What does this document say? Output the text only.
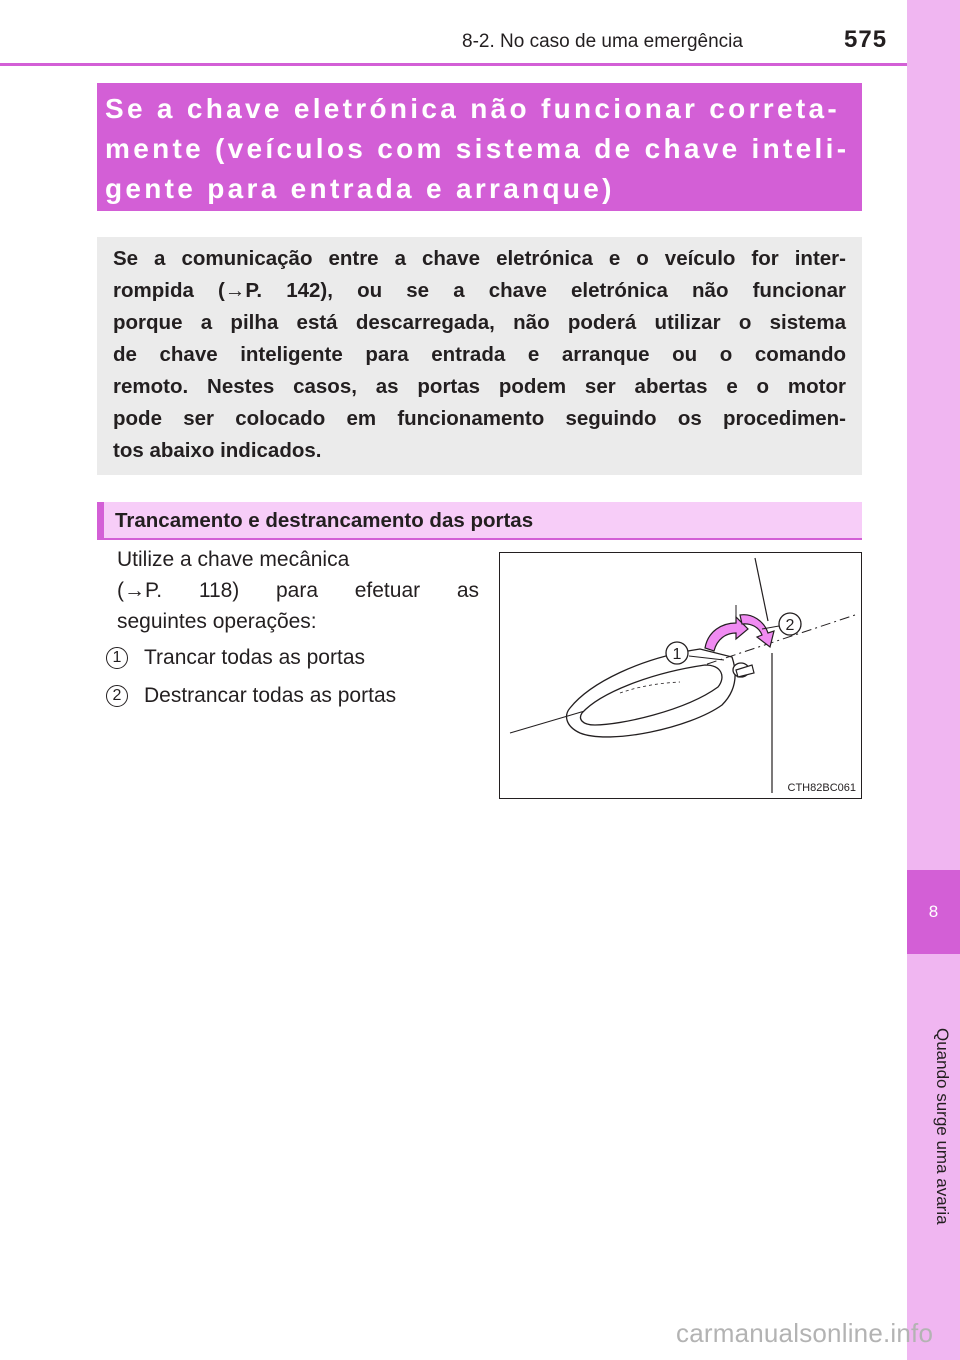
8
Quando surge uma avaria
8-2. No caso de uma emergência	575
Se a chave eletrónica não funcionar correta-
mente (veículos com sistema de chave inteli-
gente para entrada e arranque)
Se a comunicação entre a chave eletrónica e o veículo for inter-
rompida (→P. 142), ou se a chave eletrónica não funcionar
porque a pilha está descarregada, não poderá utilizar o sistema
de chave inteligente para entrada e arranque ou o comando
remoto. Nestes casos, as portas podem ser abertas e o motor
pode ser colocado em funcionamento seguindo os procedimen-
tos abaixo indicados.
Trancamento e destrancamento das portas
Utilize a chave mecânica
(→P. 118) para efetuar as
seguintes operações:
1	Trancar todas as portas
2	Destrancar todas as portas
1
2
CTH82BC061
carmanualsonline.info
